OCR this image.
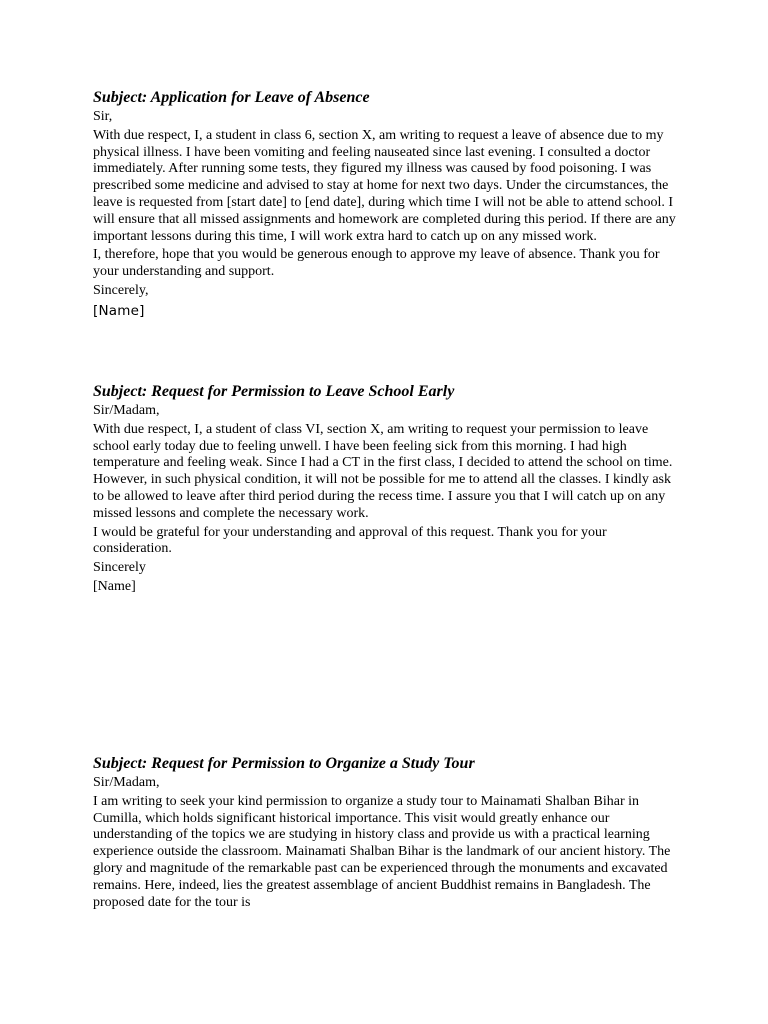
Subject: Application for Leave of Absence

Sir,

With due respect, I, a student in class 6, section X, am writing to request a leave of absence due to my physical illness. I have been vomiting and feeling nauseated since last evening. I consulted a doctor immediately. After running some tests, they figured my illness was caused by food poisoning. I was prescribed some medicine and advised to stay at home for next two days. Under the circumstances, the leave is requested from [start date] to [end date], during which time I will not be able to attend school. I will ensure that all missed assignments and homework are completed during this period. If there are any important lessons during this time, I will work extra hard to catch up on any missed work.

I, therefore, hope that you would be generous enough to approve my leave of absence. Thank you for your understanding and support.

Sincerely,

[Name]

Subject: Request for Permission to Leave School Early

Sir/Madam,

With due respect, I, a student of class VI, section X, am writing to request your permission to leave school early today due to feeling unwell. I have been feeling sick from this morning. I had high temperature and feeling weak. Since I had a CT in the first class, I decided to attend the school on time. However, in such physical condition, it will not be possible for me to attend all the classes. I kindly ask to be allowed to leave after third period during the recess time. I assure you that I will catch up on any missed lessons and complete the necessary work.

I would be grateful for your understanding and approval of this request. Thank you for your consideration.

Sincerely

[Name]

Subject: Request for Permission to Organize a Study Tour

Sir/Madam,

I am writing to seek your kind permission to organize a study tour to Mainamati Shalban Bihar in Cumilla, which holds significant historical importance. This visit would greatly enhance our understanding of the topics we are studying in history class and provide us with a practical learning experience outside the classroom. Mainamati Shalban Bihar is the landmark of our ancient history. The glory and magnitude of the remarkable past can be experienced through the monuments and excavated remains. Here, indeed, lies the greatest assemblage of ancient Buddhist remains in Bangladesh. The proposed date for the tour is
